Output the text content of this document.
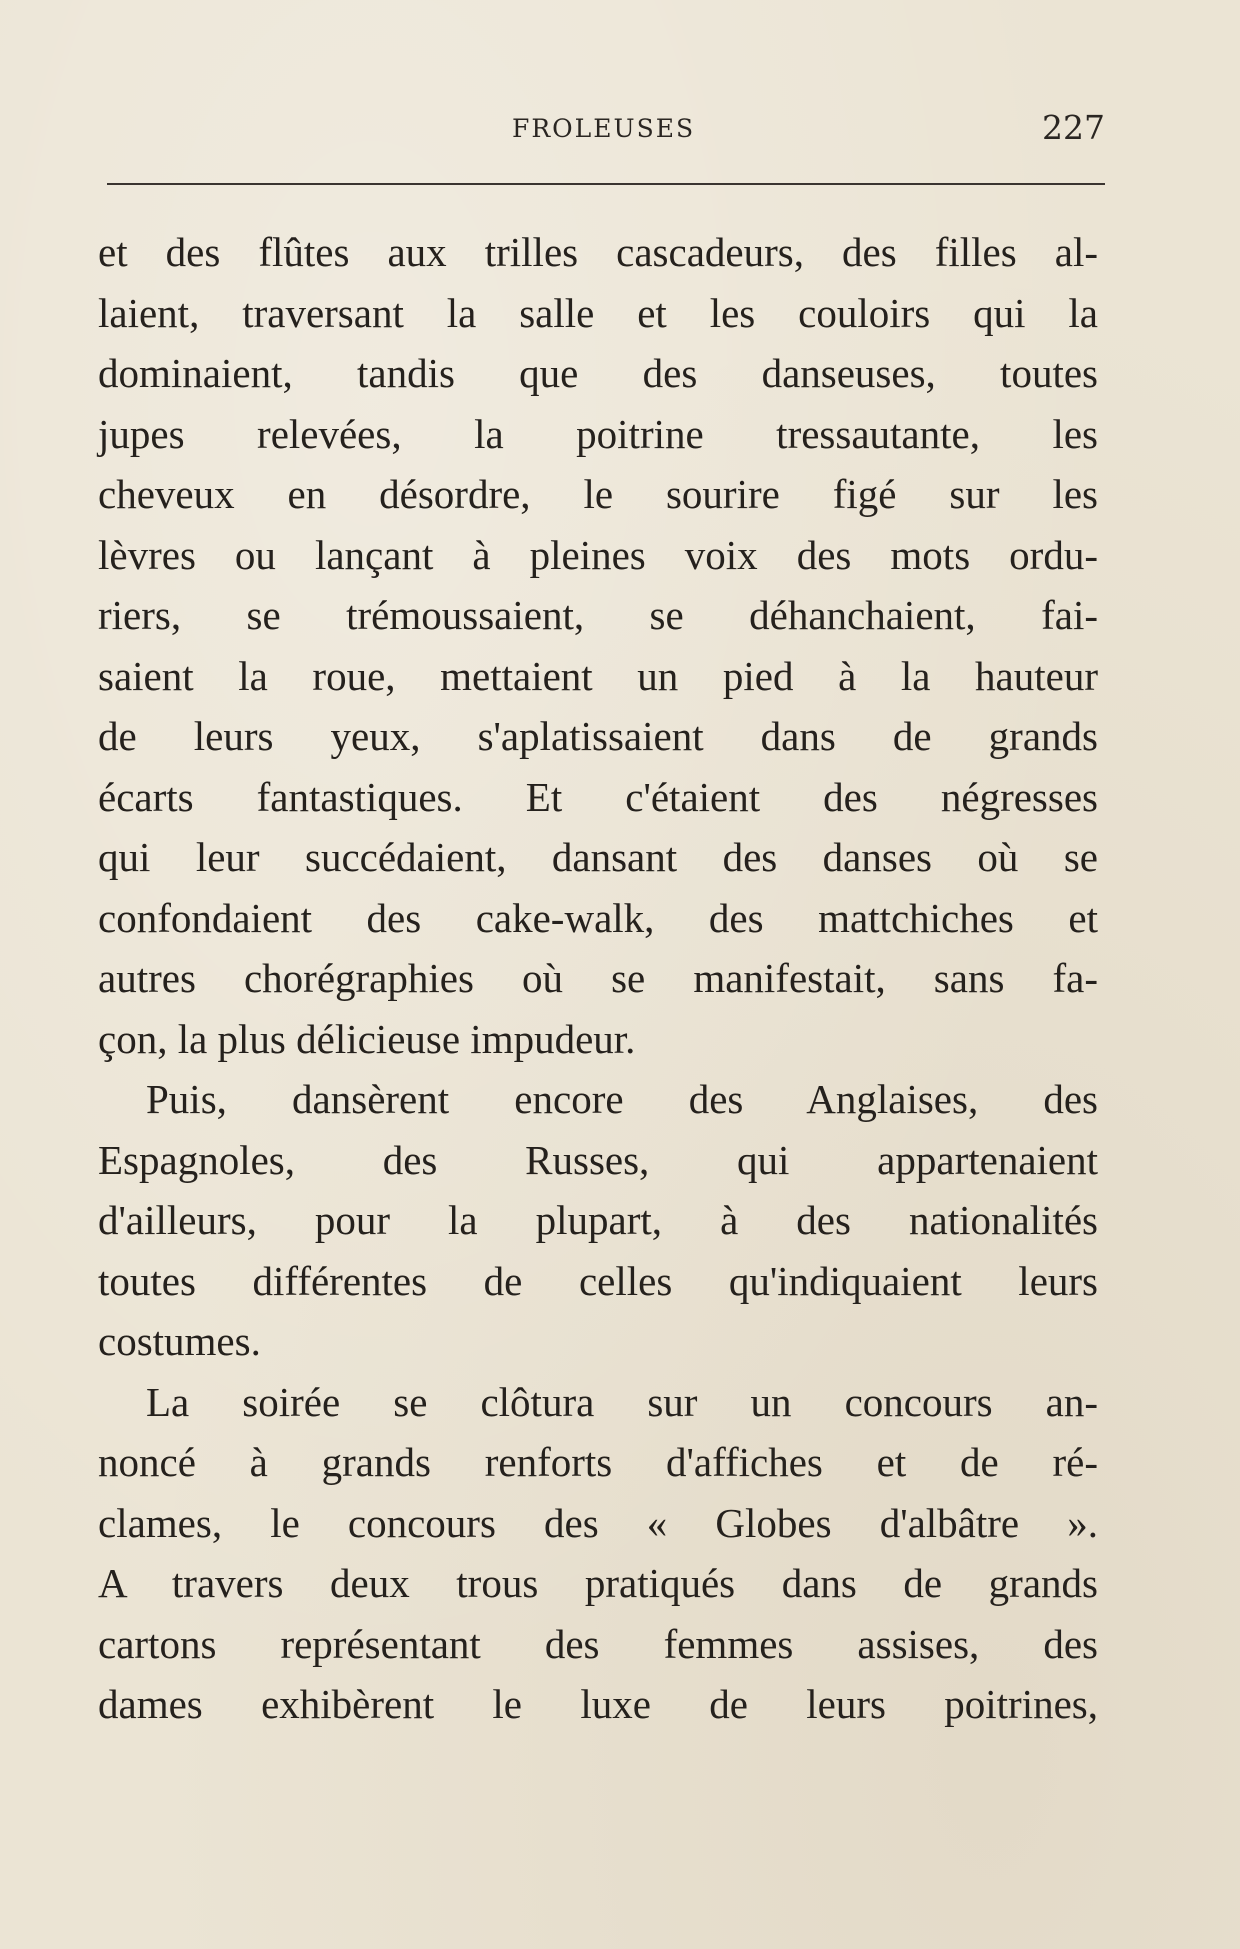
FROLEUSES	227
et des flûtes aux trilles cascadeurs, des filles al-
laient, traversant la salle et les couloirs qui la
dominaient, tandis que des danseuses, toutes
jupes relevées, la poitrine tressautante, les
cheveux en désordre, le sourire figé sur les
lèvres ou lançant à pleines voix des mots ordu-
riers, se trémoussaient, se déhanchaient, fai-
saient la roue, mettaient un pied à la hauteur
de leurs yeux, s'aplatissaient dans de grands
écarts fantastiques. Et c'étaient des négresses
qui leur succédaient, dansant des danses où se
confondaient des cake-walk, des mattchiches et
autres chorégraphies où se manifestait, sans fa-
çon, la plus délicieuse impudeur.
Puis, dansèrent encore des Anglaises, des
Espagnoles, des Russes, qui appartenaient
d'ailleurs, pour la plupart, à des nationalités
toutes différentes de celles qu'indiquaient leurs
costumes.
La soirée se clôtura sur un concours an-
noncé à grands renforts d'affiches et de ré-
clames, le concours des « Globes d'albâtre ».
A travers deux trous pratiqués dans de grands
cartons représentant des femmes assises, des
dames exhibèrent le luxe de leurs poitrines,
